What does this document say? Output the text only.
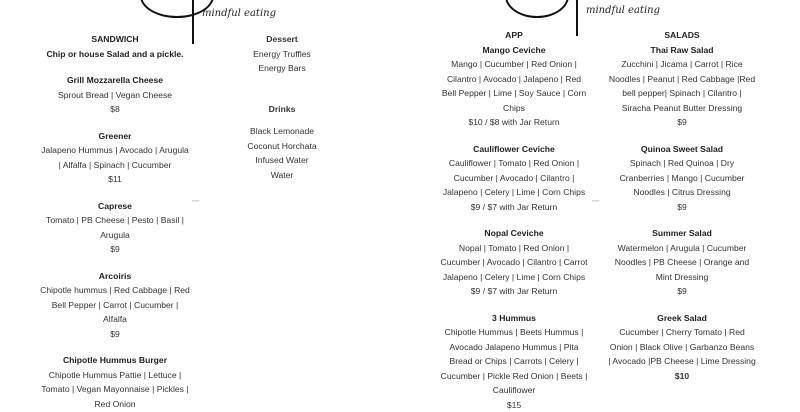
mindful eating	mindful eating
SANDWICH
Chip or house Salad and a pickle.
Grill Mozzarella Cheese
Sprout Bread | Vegan Cheese
$8
Greener
Jalapeno Hummus | Avocado | Arugula | Alfalfa | Spinach | Cucumber
$11
Caprese
Tomato | PB Cheese | Pesto | Basil | Arugula
$9
Arcoiris
Chipotle hummus | Red Cabbage | Red Bell Pepper | Carrot | Cucumber | Alfalfa
$9
Chipotle Hummus Burger
Chipotle Hummus Pattie | Lettuce | Tomato | Vegan Mayonnaise | Pickles | Red Onion
Dessert
Energy Truffles
Energy Bars
Drinks
Black Lemonade
Coconut Horchata
Infused Water
Water
APP
Mango Ceviche
Mango | Cucumber | Red Onion | Cilantro | Avocado | Jalapeno | Red Bell Pepper | Lime | Soy Sauce | Corn Chips
$10 / $8 with Jar Return
Cauliflower Ceviche
Cauliflower | Tomato | Red Onion | Cucumber | Avocado | Cilantro | Jalapeno | Celery | Lime | Corn Chips
$9 / $7 with Jar Return
Nopal Ceviche
Nopal | Tomato | Red Onion | Cucumber | Avocado | Cilantro | Carrot Jalapeno | Celery | Lime | Corn Chips
$9 / $7 with Jar Return
3 Hummus
Chipotle Hummus | Beets Hummus | Avocado Jalapeno Hummus | Pita Bread or Chips | Carrots | Celery | Cucumber | Pickle Red Onion | Beets | Cauliflower
$15
SALADS
Thai Raw Salad
Zucchini | Jicama | Carrot | Rice Noodles | Peanut | Red Cabbage |Red bell pepper| Spinach | Cilantro | Siracha Peanut Butter Dressing
$9
Quinoa Sweet Salad
Spinach | Red Quinoa | Dry Cranberries | Mango | Cucumber Noodles | Citrus Dressing
$9
Summer Salad
Watermelon | Arugula | Cucumber Noodles | PB Cheese | Orange and Mint Dressing
$9
Greek Salad
Cucumber | Cherry Tomato | Red Onion | Black Olive | Garbanzo Beans | Avocado |PB Cheese | Lime Dressing
$10
▪▪▪▪▪▪	▪▪▪▪▪▪
